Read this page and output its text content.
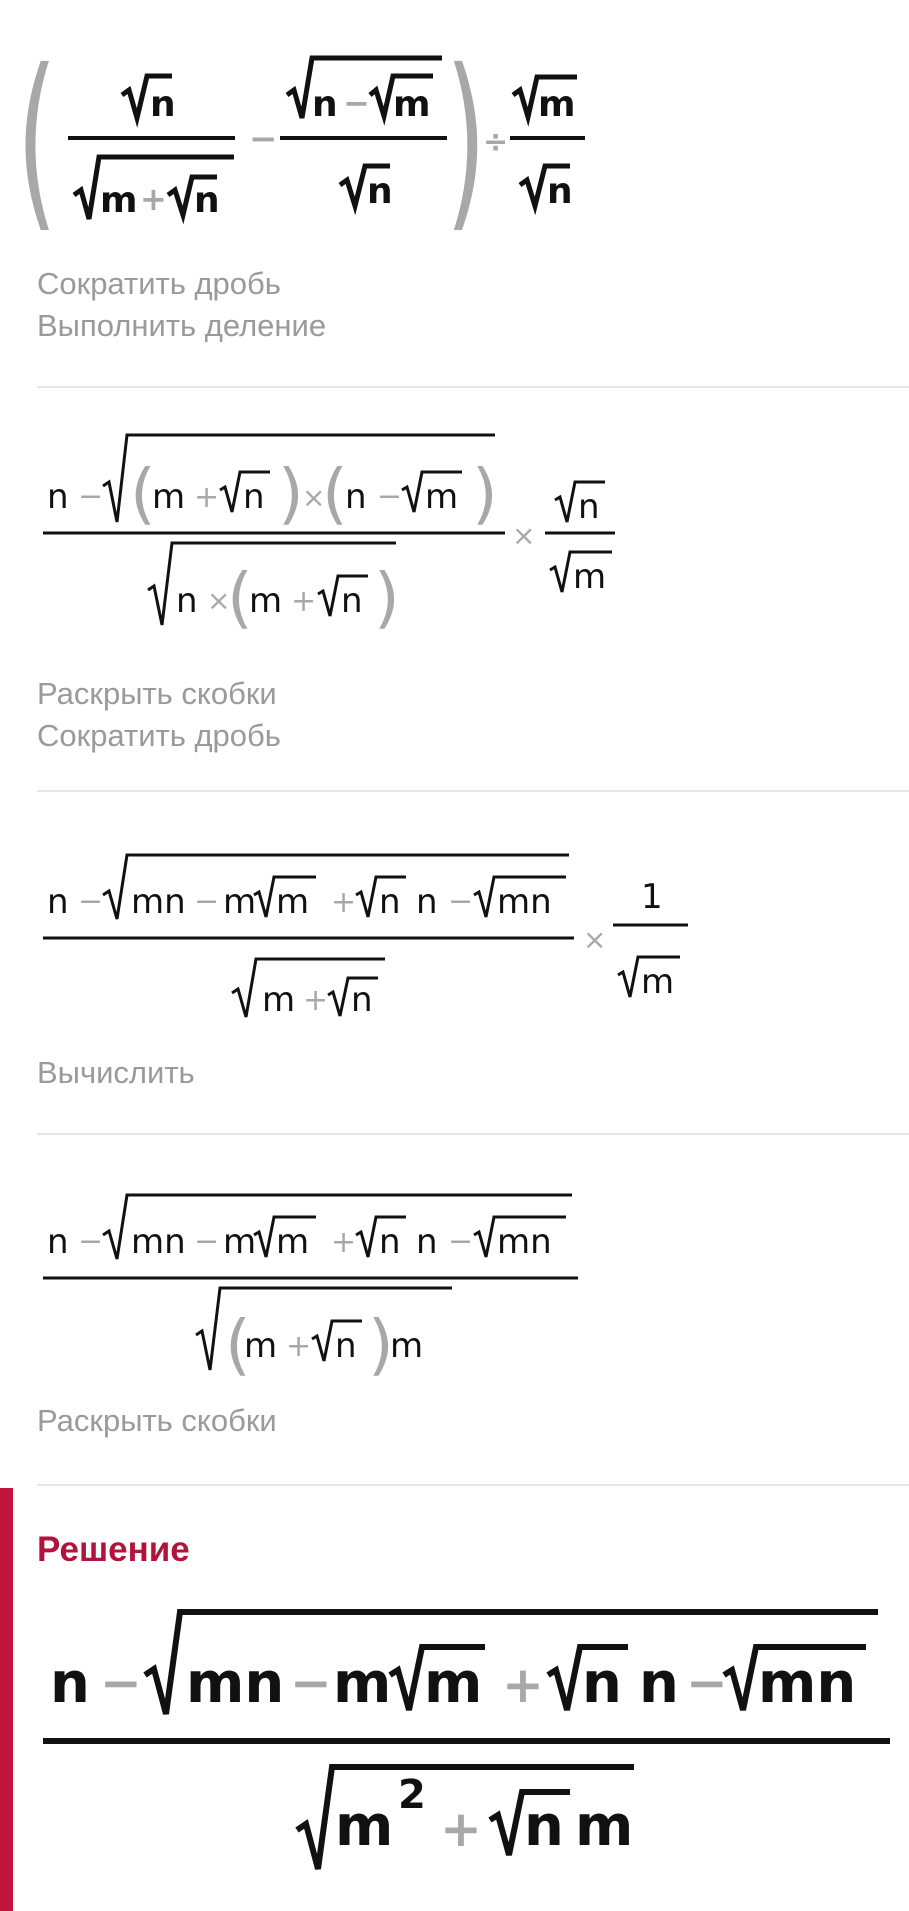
( )
n
m + n
−
n − m
n
÷
m
n
Сократить дробь
Выполнить деление
n − (
m + n )
×
(
n − m )
n ×
(
m + n )
×
n
m
Раскрыть скобки
Сократить дробь
n − mn − m m + n n − mn
m + n
×
1
m
Вычислить
n − mn − m m + n n − mn
(
m + n )
m
Раскрыть скобки
Решение
n − mn − m m + n n − mn
m 2
+ n m
